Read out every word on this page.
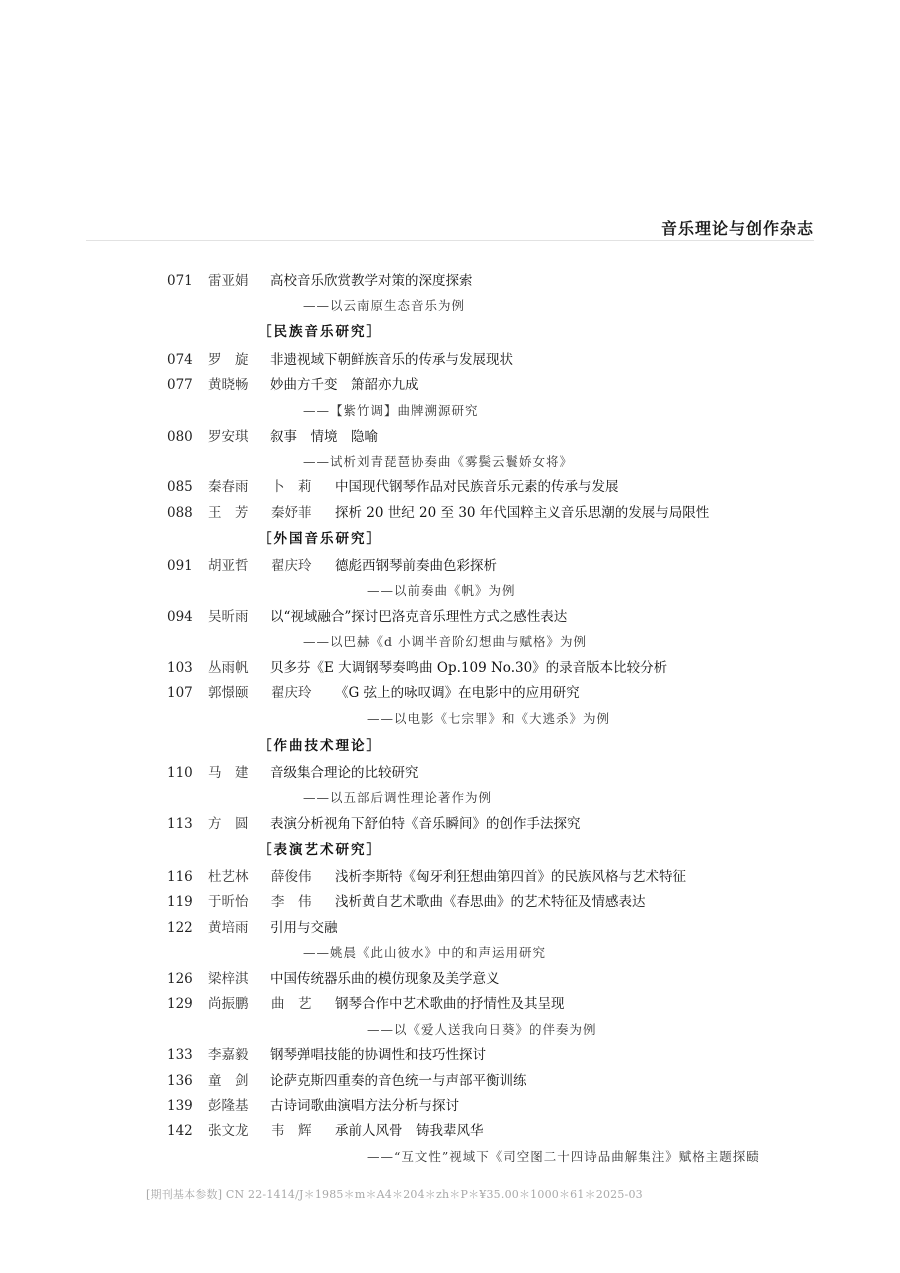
音乐理论与创作杂志
071 雷亚娟 高校音乐欣赏教学对策的深度探索
——以云南原生态音乐为例
［民族音乐研究］
074 罗　旋 非遗视域下朝鲜族音乐的传承与发展现状
077 黄晓畅 妙曲方千变　箫韶亦九成
——【紫竹调】曲牌溯源研究
080 罗安琪 叙事　情境　隐喻
——试析刘青琵琶协奏曲《雾鬓云鬟娇女将》
085 秦春雨 卜　莉 中国现代钢琴作品对民族音乐元素的传承与发展
088 王　芳 秦妤菲 探析 20 世纪 20 至 30 年代国粹主义音乐思潮的发展与局限性
［外国音乐研究］
091 胡亚哲 翟庆玲 德彪西钢琴前奏曲色彩探析
——以前奏曲《帆》为例
094 吴昕雨 以“视域融合”探讨巴洛克音乐理性方式之感性表达
——以巴赫《d 小调半音阶幻想曲与赋格》为例
103 丛雨帆 贝多芬《E 大调钢琴奏鸣曲 Op.109 No.30》的录音版本比较分析
107 郭憬颐 翟庆玲 《G 弦上的咏叹调》在电影中的应用研究
——以电影《七宗罪》和《大逃杀》为例
［作曲技术理论］
110 马　建 音级集合理论的比较研究
——以五部后调性理论著作为例
113 方　圆 表演分析视角下舒伯特《音乐瞬间》的创作手法探究
［表演艺术研究］
116 杜艺林 薛俊伟 浅析李斯特《匈牙利狂想曲第四首》的民族风格与艺术特征
119 于昕怡 李　伟 浅析黄自艺术歌曲《春思曲》的艺术特征及情感表达
122 黄培雨 引用与交融
——姚晨《此山彼水》中的和声运用研究
126 梁梓淇 中国传统器乐曲的模仿现象及美学意义
129 尚振鹏 曲　艺 钢琴合作中艺术歌曲的抒情性及其呈现
——以《爱人送我向日葵》的伴奏为例
133 李嘉毅 钢琴弹唱技能的协调性和技巧性探讨
136 童　剑 论萨克斯四重奏的音色统一与声部平衡训练
139 彭隆基 古诗词歌曲演唱方法分析与探讨
142 张文龙 韦　辉 承前人风骨　铸我辈风华
——“互文性”视域下《司空图二十四诗品曲解集注》赋格主题探赜
[期刊基本参数] CN 22-1414/J＊1985＊m＊A4＊204＊zh＊P＊¥35.00＊1000＊61＊2025-03
